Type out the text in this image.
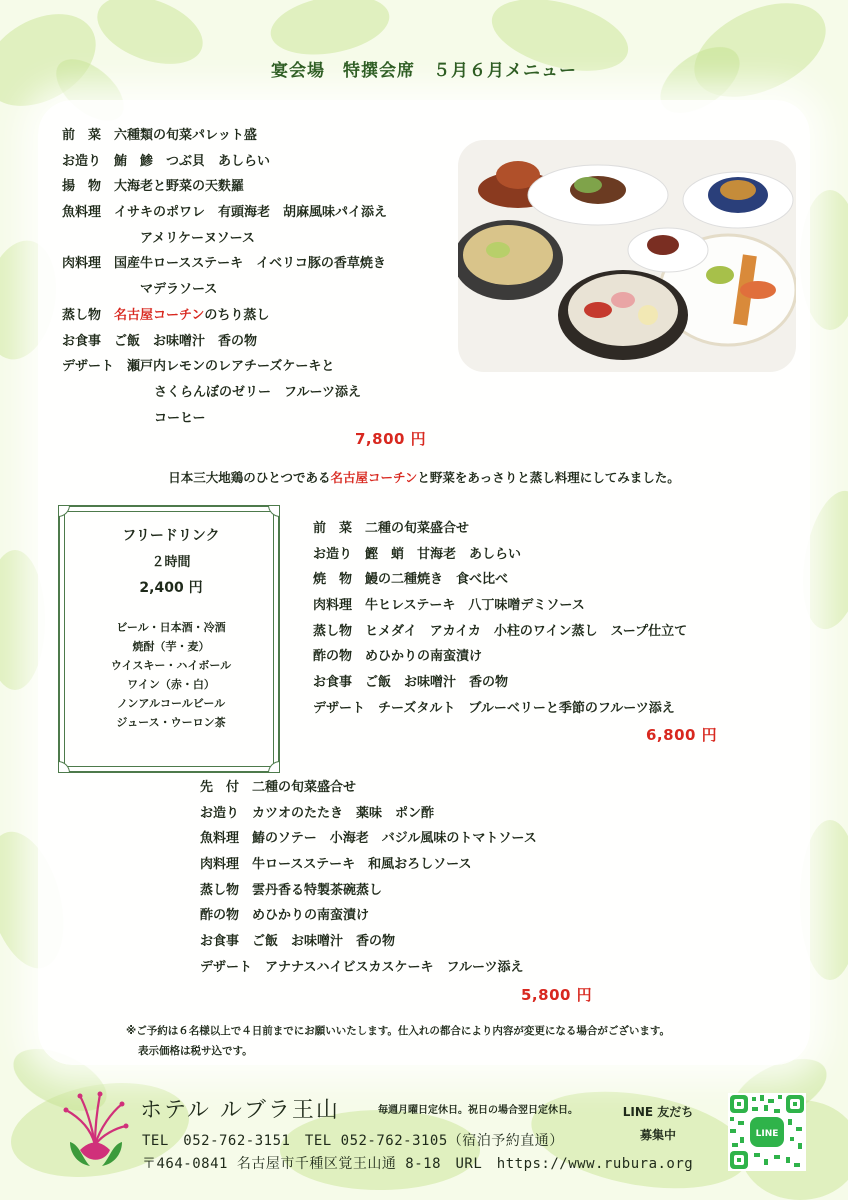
宴会場　特撰会席　５月６月メニュー
前　菜　六種類の旬菜パレット盛
お造り　鮪　鯵　つぶ貝　あしらい
揚　物　大海老と野菜の天麩羅
魚料理　イサキのポワレ　有頭海老　胡麻風味パイ添え
アメリケーヌソース
肉料理　国産牛ロースステーキ　イベリコ豚の香草焼き
マデラソース
蒸し物　名古屋コーチンのちり蒸し
お食事　ご飯　お味噌汁　香の物
デザート　瀬戸内レモンのレアチーズケーキと
さくらんぼのゼリー　フルーツ添え
コーヒー
7,800 円
日本三大地鶏のひとつである名古屋コーチンと野菜をあっさりと蒸し料理にしてみました。
フリードリンク
２時間
2,400 円
ビール・日本酒・冷酒
焼酎（芋・麦）
ウイスキー・ハイボール
ワイン（赤・白）
ノンアルコールビール
ジュース・ウーロン茶
前　菜　二種の旬菜盛合せ
お造り　鰹　蛸　甘海老　あしらい
焼　物　鰻の二種焼き　食べ比べ
肉料理　牛ヒレステーキ　八丁味噌デミソース
蒸し物　ヒメダイ　アカイカ　小柱のワイン蒸し　スープ仕立て
酢の物　めひかりの南蛮漬け
お食事　ご飯　お味噌汁　香の物
デザート　チーズタルト　ブルーベリーと季節のフルーツ添え
6,800 円
先　付　二種の旬菜盛合せ
お造り　カツオのたたき　薬味　ポン酢
魚料理　鰆のソテー　小海老　バジル風味のトマトソース
肉料理　牛ロースステーキ　和風おろしソース
蒸し物　雲丹香る特製茶碗蒸し
酢の物　めひかりの南蛮漬け
お食事　ご飯　お味噌汁　香の物
デザート　アナナスハイビスカスケーキ　フルーツ添え
5,800 円
※ご予約は６名様以上で４日前までにお願いいたします。仕入れの都合により内容が変更になる場合がございます。
表示価格は税サ込です。
ホテル ルブラ王山	毎週月曜日定休日。祝日の場合翌日定休日。
TEL　052-762-3151　TEL 052-762-3105（宿泊予約直通）
〒464-0841 名古屋市千種区覚王山通 8-18　URL　https://www.rubura.org
LINE 友だち
募集中	LINE
